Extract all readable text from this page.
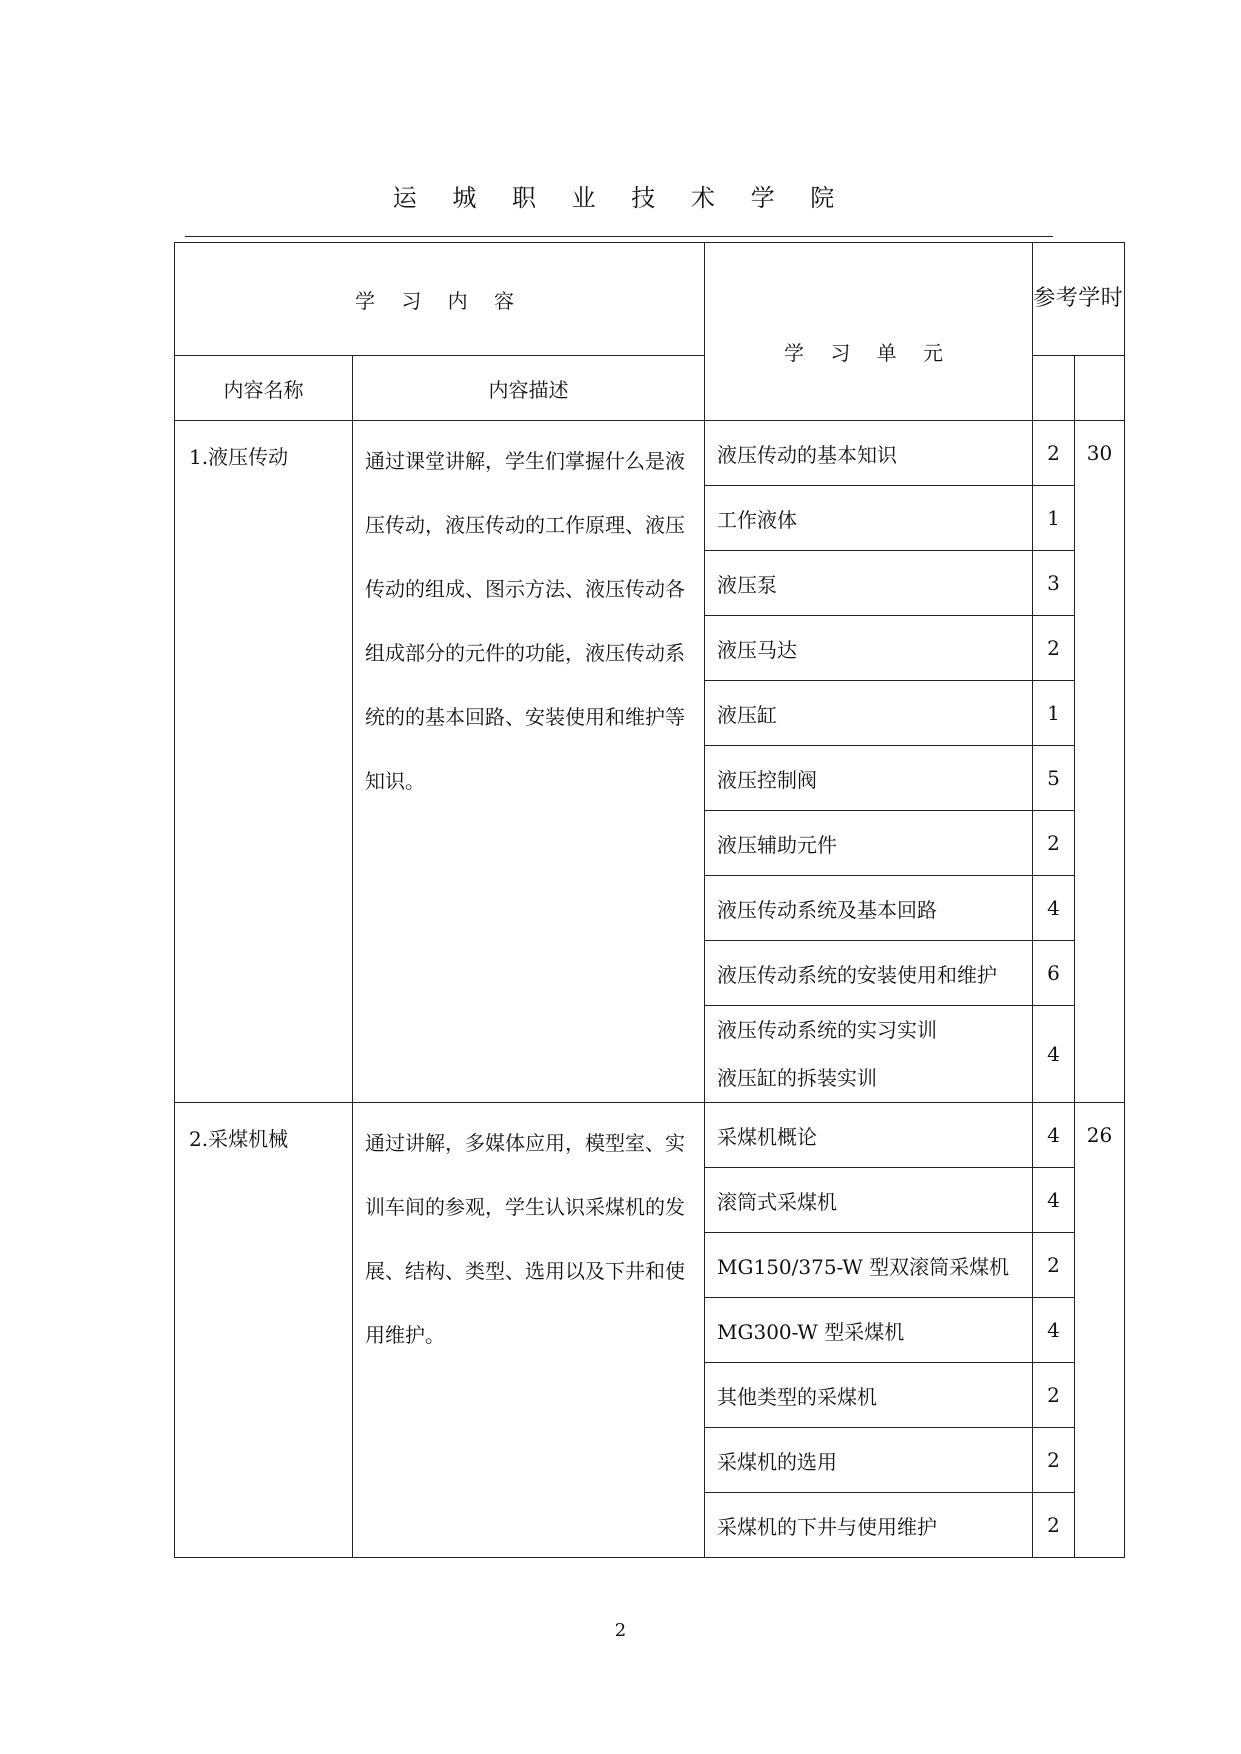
运 城 职 业 技 术 学 院
学 习 内 容		学 习 单 元	参 考 学 时	

内容名称	内容描述			

1.液压传动	通过课堂讲解，学生们掌握什么是液压传动，液压传动的工作原理、液压传动的组成、图示方法、液压传动各组成部分的元件的功能，液压传动系统的的基本回路、安装使用和维护等知识。	液压传动的基本知识	2	30

		工作液体	1	
		液压泵	3	
		液压马达	2	
		液压缸	1	
		液压控制阀	5	
		液压辅助元件	2	
		液压传动系统及基本回路	4	
		液压传动系统的安装使用和维护	6	

		液压传动系统的实习实训
液压缸的拆装实训	4	

2.采煤机械	通过讲解，多媒体应用，模型室、实训车间的参观，学生认识采煤机的发展、结构、类型、选用以及下井和使用维护。	采煤机概论	4	26

		滚筒式采煤机	4	
		MG150/375-W 型双滚筒采煤机	2	
		MG300-W 型采煤机	4	
		其他类型的采煤机	2	
		采煤机的选用	2	
		采煤机的下井与使用维护	2	
2
